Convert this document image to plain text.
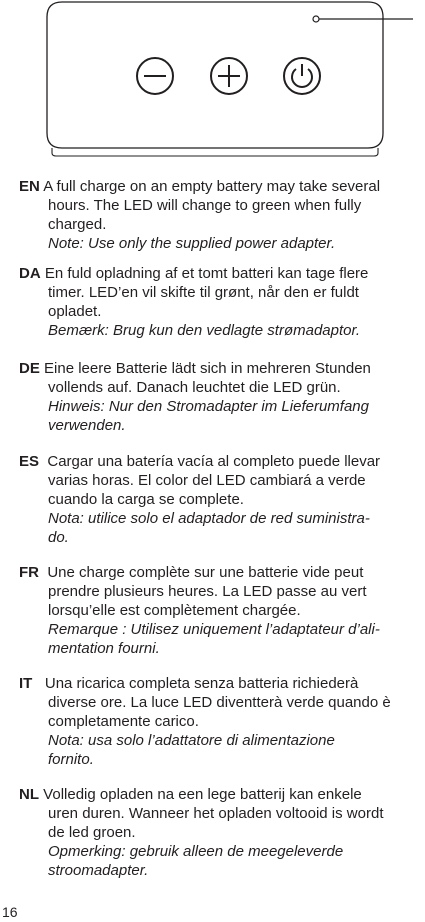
EN A full charge on an empty battery may take several
hours. The LED will change to green when fully
charged.
Note: Use only the supplied power adapter.
DA En fuld opladning af et tomt batteri kan tage flere
timer. LED’en vil skifte til grønt, når den er fuldt
opladet.
Bemærk: Brug kun den vedlagte strømadaptor.
DE Eine leere Batterie lädt sich in mehreren Stunden
vollends auf. Danach leuchtet die LED grün.
Hinweis: Nur den Stromadapter im Lieferumfang
verwenden.
ES Cargar una batería vacía al completo puede llevar
varias horas. El color del LED cambiará a verde
cuando la carga se complete.
Nota: utilice solo el adaptador de red suministra-
do.
FR Une charge complète sur une batterie vide peut
prendre plusieurs heures. La LED passe au vert
lorsqu’elle est complètement chargée.
Remarque : Utilisez uniquement l’adaptateur d’ali-
mentation fourni.
IT Una ricarica completa senza batteria richiederà
diverse ore. La luce LED diventterà verde quando è
completamente carico.
Nota: usa solo l’adattatore di alimentazione
fornito.
NL Volledig opladen na een lege batterij kan enkele
uren duren. Wanneer het opladen voltooid is wordt
de led groen.
Opmerking: gebruik alleen de meegeleverde
stroomadapter.
16
